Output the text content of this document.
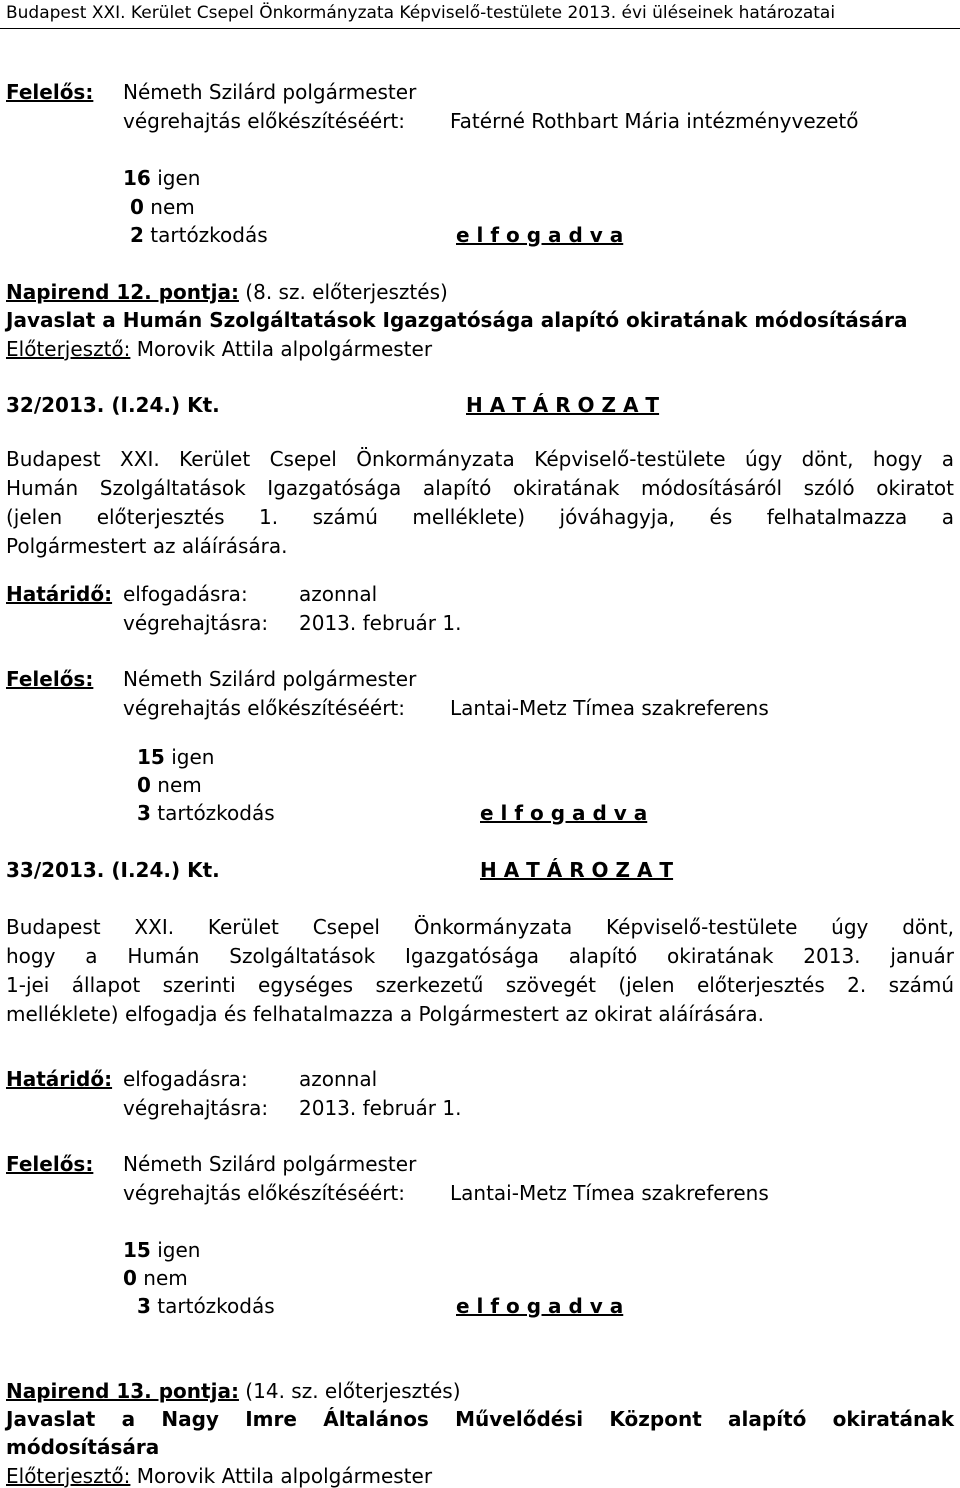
Budapest XXI. Kerület Csepel Önkormányzata Képviselő-testülete 2013. évi üléseinek határozatai
Felelős: Németh Szilárd polgármester
végrehajtás előkészítéséért: Fatérné Rothbart Mária intézményvezető
16 igen
0 nem
2 tartózkodás	e l f o g a d v a
Napirend 12. pontja: (8. sz. előterjesztés)
Javaslat a Humán Szolgáltatások Igazgatósága alapító okiratának módosítására
Előterjesztő: Morovik Attila alpolgármester
32/2013. (I.24.) Kt.	H A T Á R O Z A T

Budapest XXI. Kerület Csepel Önkormányzata Képviselő-testülete úgy dönt, hogy a

Humán Szolgáltatások Igazgatósága alapító okiratának módosításáról szóló okiratot

(jelen előterjesztés 1. számú melléklete) jóváhagyja, és felhatalmazza a

Polgármestert az aláírására.

Határidő: elfogadásra:	azonnal
végrehajtásra: 2013. február 1.
Felelős: Németh Szilárd polgármester
végrehajtás előkészítéséért: Lantai-Metz Tímea szakreferens
15 igen
0 nem
3 tartózkodás	e l f o g a d v a
33/2013. (I.24.) Kt.	H A T Á R O Z A T

Budapest XXI. Kerület Csepel Önkormányzata Képviselő-testülete úgy dönt,

hogy a Humán Szolgáltatások Igazgatósága alapító okiratának 2013. január

1-jei állapot szerinti egységes szerkezetű szövegét (jelen előterjesztés 2. számú

melléklete) elfogadja és felhatalmazza a Polgármestert az okirat aláírására.

Határidő: elfogadásra:	azonnal
végrehajtásra: 2013. február 1.
Felelős: Németh Szilárd polgármester
végrehajtás előkészítéséért: Lantai-Metz Tímea szakreferens
15 igen
0 nem
3 tartózkodás	e l f o g a d v a
Napirend 13. pontja: (14. sz. előterjesztés)
Javaslat a Nagy Imre Általános Művelődési Központ alapító okiratának
módosítására
Előterjesztő: Morovik Attila alpolgármester
